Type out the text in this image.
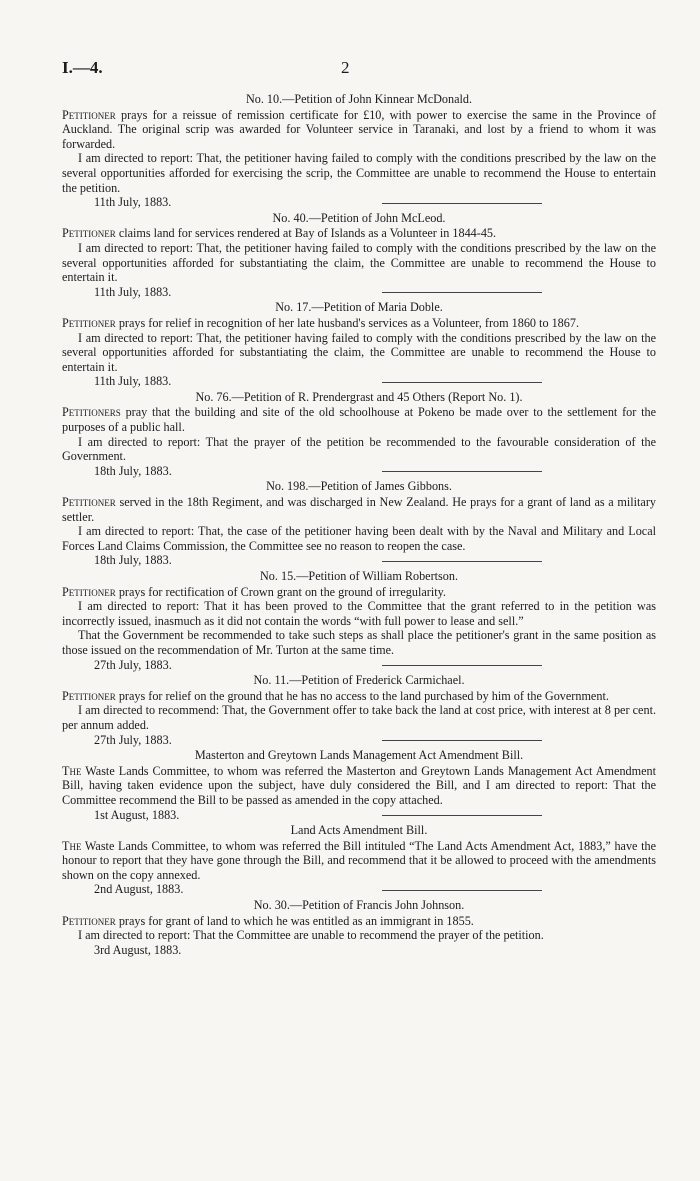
I.—4.	2
No. 10.—Petition of John Kinnear McDonald.
Petitioner prays for a reissue of remission certificate for £10, with power to exercise the same in the Province of Auckland. The original scrip was awarded for Volunteer service in Taranaki, and lost by a friend to whom it was forwarded.
I am directed to report: That, the petitioner having failed to comply with the conditions prescribed by the law on the several opportunities afforded for exercising the scrip, the Committee are unable to recommend the House to entertain the petition.
11th July, 1883.
No. 40.—Petition of John McLeod.
Petitioner claims land for services rendered at Bay of Islands as a Volunteer in 1844-45.
I am directed to report: That, the petitioner having failed to comply with the conditions prescribed by the law on the several opportunities afforded for substantiating the claim, the Committee are unable to recommend the House to entertain it.
11th July, 1883.
No. 17.—Petition of Maria Doble.
Petitioner prays for relief in recognition of her late husband's services as a Volunteer, from 1860 to 1867.
I am directed to report: That, the petitioner having failed to comply with the conditions prescribed by the law on the several opportunities afforded for substantiating the claim, the Committee are unable to recommend the House to entertain it.
11th July, 1883.
No. 76.—Petition of R. Prendergrast and 45 Others (Report No. 1).
Petitioners pray that the building and site of the old schoolhouse at Pokeno be made over to the settlement for the purposes of a public hall.
I am directed to report: That the prayer of the petition be recommended to the favourable consideration of the Government.
18th July, 1883.
No. 198.—Petition of James Gibbons.
Petitioner served in the 18th Regiment, and was discharged in New Zealand. He prays for a grant of land as a military settler.
I am directed to report: That, the case of the petitioner having been dealt with by the Naval and Military and Local Forces Land Claims Commission, the Committee see no reason to reopen the case.
18th July, 1883.
No. 15.—Petition of William Robertson.
Petitioner prays for rectification of Crown grant on the ground of irregularity.
I am directed to report: That it has been proved to the Committee that the grant referred to in the petition was incorrectly issued, inasmuch as it did not contain the words “with full power to lease and sell.”
That the Government be recommended to take such steps as shall place the petitioner's grant in the same position as those issued on the recommendation of Mr. Turton at the same time.
27th July, 1883.
No. 11.—Petition of Frederick Carmichael.
Petitioner prays for relief on the ground that he has no access to the land purchased by him of the Government.
I am directed to recommend: That, the Government offer to take back the land at cost price, with interest at 8 per cent. per annum added.
27th July, 1883.
Masterton and Greytown Lands Management Act Amendment Bill.
The Waste Lands Committee, to whom was referred the Masterton and Greytown Lands Management Act Amendment Bill, having taken evidence upon the subject, have duly considered the Bill, and I am directed to report: That the Committee recommend the Bill to be passed as amended in the copy attached.
1st August, 1883.
Land Acts Amendment Bill.
The Waste Lands Committee, to whom was referred the Bill intituled “The Land Acts Amendment Act, 1883,” have the honour to report that they have gone through the Bill, and recommend that it be allowed to proceed with the amendments shown on the copy annexed.
2nd August, 1883.
No. 30.—Petition of Francis John Johnson.
Petitioner prays for grant of land to which he was entitled as an immigrant in 1855.
I am directed to report: That the Committee are unable to recommend the prayer of the petition.
3rd August, 1883.
